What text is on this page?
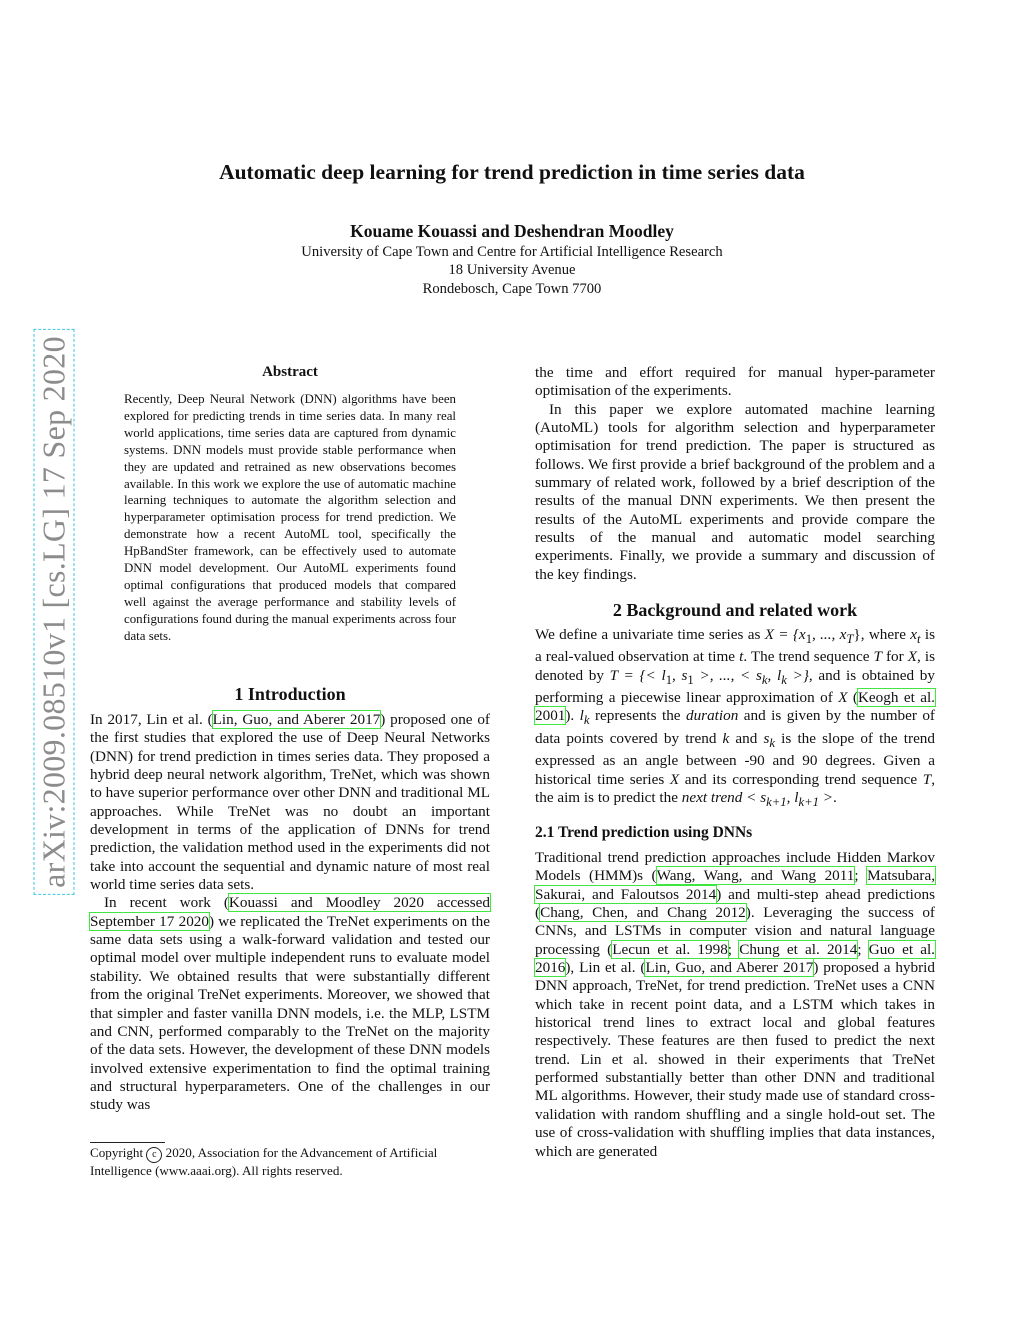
Automatic deep learning for trend prediction in time series data
Kouame Kouassi and Deshendran Moodley
University of Cape Town and Centre for Artificial Intelligence Research
18 University Avenue
Rondebosch, Cape Town 7700
arXiv:2009.08510v1 [cs.LG] 17 Sep 2020	Abstract

Recently, Deep Neural Network (DNN) algorithms have been explored for predicting trends in time series data. In many real world applications, time series data are captured from dynamic systems. DNN models must provide stable performance when they are updated and retrained as new observations becomes available. In this work we explore the use of automatic machine learning techniques to automate the algorithm selection and hyperparameter optimisation process for trend prediction. We demonstrate how a recent AutoML tool, specifically the HpBandSter framework, can be effectively used to automate DNN model development. Our AutoML experiments found optimal configurations that produced models that compared well against the average performance and stability levels of configurations found during the manual experiments across four data sets.

1 Introduction

In 2017, Lin et al. (Lin, Guo, and Aberer 2017) proposed one of the first studies that explored the use of Deep Neural Networks (DNN) for trend prediction in times series data. They proposed a hybrid deep neural network algorithm, TreNet, which was shown to have superior performance over other DNN and traditional ML approaches. While TreNet was no doubt an important development in terms of the application of DNNs for trend prediction, the validation method used in the experiments did not take into account the sequential and dynamic nature of most real world time series data sets.

In recent work (Kouassi and Moodley 2020 accessed September 17 2020) we replicated the TreNet experiments on the same data sets using a walk-forward validation and tested our optimal model over multiple independent runs to evaluate model stability. We obtained results that were substantially different from the original TreNet experiments. Moreover, we showed that that simpler and faster vanilla DNN models, i.e. the MLP, LSTM and CNN, performed comparably to the TreNet on the majority of the data sets. However, the development of these DNN models involved extensive experimentation to find the optimal training and structural hyperparameters. One of the challenges in our study was

Copyright c 2020, Association for the Advancement of Artificial Intelligence (www.aaai.org). All rights reserved.

the time and effort required for manual hyper-parameter optimisation of the experiments.

In this paper we explore automated machine learning (AutoML) tools for algorithm selection and hyperparameter optimisation for trend prediction. The paper is structured as follows. We first provide a brief background of the problem and a summary of related work, followed by a brief description of the results of the manual DNN experiments. We then present the results of the AutoML experiments and provide compare the results of the manual and automatic model searching experiments. Finally, we provide a summary and discussion of the key findings.

2 Background and related work

We define a univariate time series as $X = \{x_1$, ..., $x_T$}, where $x_t$ is a real-valued observation at time t. The trend sequence T for X, is denoted by T = {< $l_1$, $s_1$ >, ..., < $s_k$, $l_k$ >}, and is obtained by performing a piecewise linear approximation of X (Keogh et al. 2001). $l_k$ represents the duration and is given by the number of data points covered by trend k and $s_k$ is the slope of the trend expressed as an angle between -90 and 90 degrees. Given a historical time series X and its corresponding trend sequence T, the aim is to predict the next trend < $s_{k+1}$, $l_{k+1}$ >.

2.1 Trend prediction using DNNs

Traditional trend prediction approaches include Hidden Markov Models (HMM)s (Wang, Wang, and Wang 2011; Matsubara, Sakurai, and Faloutsos 2014) and multi-step ahead predictions (Chang, Chen, and Chang 2012). Leveraging the success of CNNs, and LSTMs in computer vision and natural language processing (Lecun et al. 1998; Chung et al. 2014; Guo et al. 2016), Lin et al. (Lin, Guo, and Aberer 2017) proposed a hybrid DNN approach, TreNet, for trend prediction. TreNet uses a CNN which take in recent point data, and a LSTM which takes in historical trend lines to extract local and global features respectively. These features are then fused to predict the next trend. Lin et al. showed in their experiments that TreNet performed substantially better than other DNN and traditional ML algorithms. However, their study made use of standard cross-validation with random shuffling and a single hold-out set. The use of cross-validation with shuffling implies that data instances, which are generated
